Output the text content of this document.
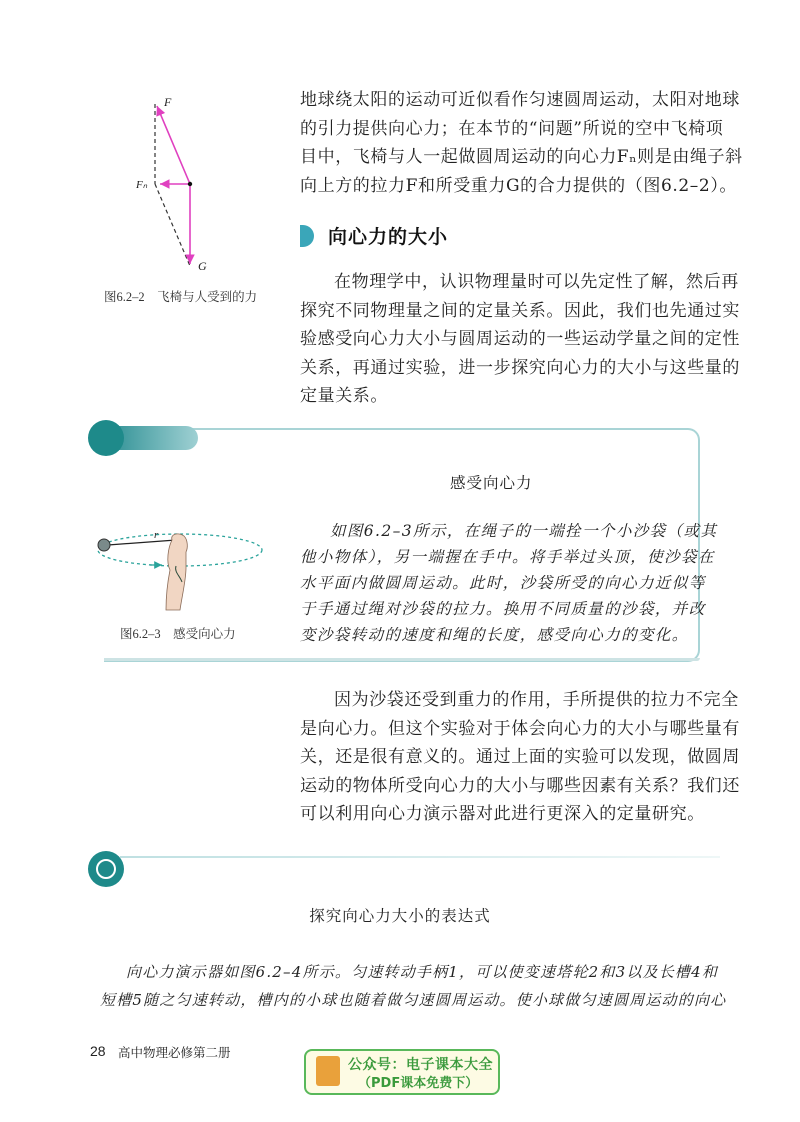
F
Fₙ
G
图6.2–2　飞椅与人受到的力

地球绕太阳的运动可近似看作匀速圆周运动，太阳对地球

的引力提供向心力；在本节的“问题”所说的空中飞椅项

目中，飞椅与人一起做圆周运动的向心力Fₙ则是由绳子斜

向上方的拉力F和所受重力G的合力提供的（图6.2–2）。

向心力的大小

在物理学中，认识物理量时可以先定性了解，然后再

探究不同物理量之间的定量关系。因此，我们也先通过实

验感受向心力大小与圆周运动的一些运动学量之间的定性

关系，再通过实验，进一步探究向心力的大小与这些量的

定量关系。

感受向心力
r
图6.2–3　感受向心力
如图6.2–3所示，在绳子的一端拴一个小沙袋（或其
他小物体），另一端握在手中。将手举过头顶，使沙袋在
水平面内做圆周运动。此时，沙袋所受的向心力近似等
于手通过绳对沙袋的拉力。换用不同质量的沙袋，并改
变沙袋转动的速度和绳的长度，感受向心力的变化。

因为沙袋还受到重力的作用，手所提供的拉力不完全

是向心力。但这个实验对于体会向心力的大小与哪些量有

关，还是很有意义的。通过上面的实验可以发现，做圆周

运动的物体所受向心力的大小与哪些因素有关系？我们还

可以利用向心力演示器对此进行更深入的定量研究。

探究向心力大小的表达式
向心力演示器如图6.2–4所示。匀速转动手柄1，可以使变速塔轮2和3以及长槽4和
短槽5随之匀速转动，槽内的小球也随着做匀速圆周运动。使小球做匀速圆周运动的向心
28 高中物理必修第二册
公众号：电子课本大全
（PDF课本免费下）
